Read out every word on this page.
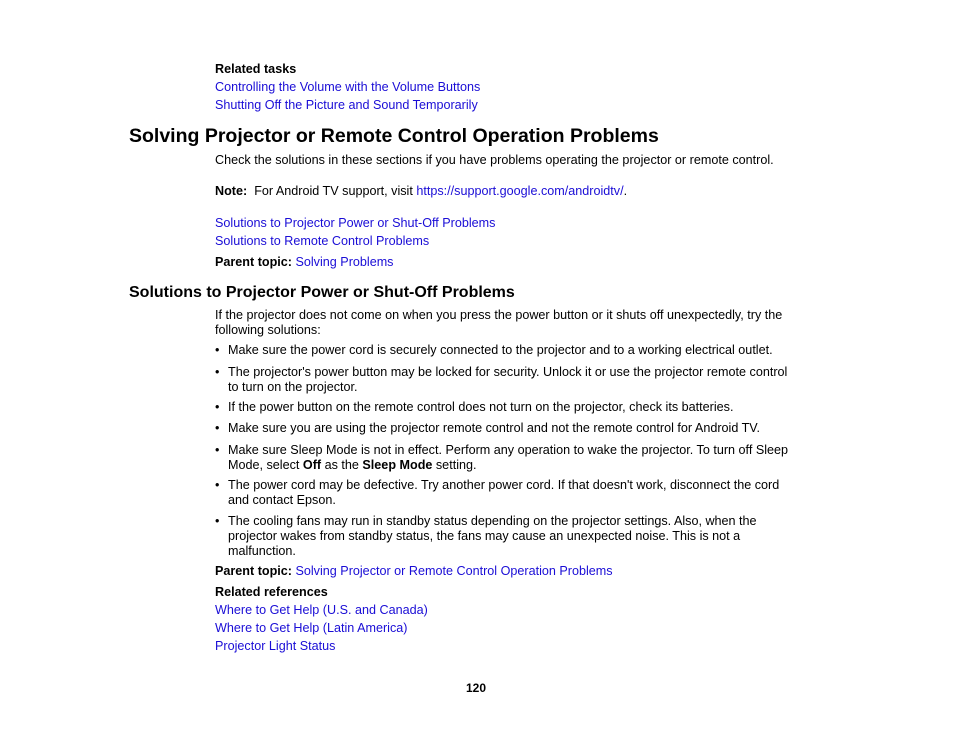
Related tasks
Controlling the Volume with the Volume Buttons
Shutting Off the Picture and Sound Temporarily
Solving Projector or Remote Control Operation Problems
Check the solutions in these sections if you have problems operating the projector or remote control.
Note: For Android TV support, visit https://support.google.com/androidtv/.
Solutions to Projector Power or Shut-Off Problems
Solutions to Remote Control Problems
Parent topic: Solving Problems
Solutions to Projector Power or Shut-Off Problems
If the projector does not come on when you press the power button or it shuts off unexpectedly, try the
following solutions:
• Make sure the power cord is securely connected to the projector and to a working electrical outlet.
• The projector's power button may be locked for security. Unlock it or use the projector remote control
to turn on the projector.
• If the power button on the remote control does not turn on the projector, check its batteries.
• Make sure you are using the projector remote control and not the remote control for Android TV.
• Make sure Sleep Mode is not in effect. Perform any operation to wake the projector. To turn off Sleep
Mode, select Off as the Sleep Mode setting.
• The power cord may be defective. Try another power cord. If that doesn't work, disconnect the cord
and contact Epson.
• The cooling fans may run in standby status depending on the projector settings. Also, when the
projector wakes from standby status, the fans may cause an unexpected noise. This is not a
malfunction.
Parent topic: Solving Projector or Remote Control Operation Problems
Related references
Where to Get Help (U.S. and Canada)
Where to Get Help (Latin America)
Projector Light Status
120
